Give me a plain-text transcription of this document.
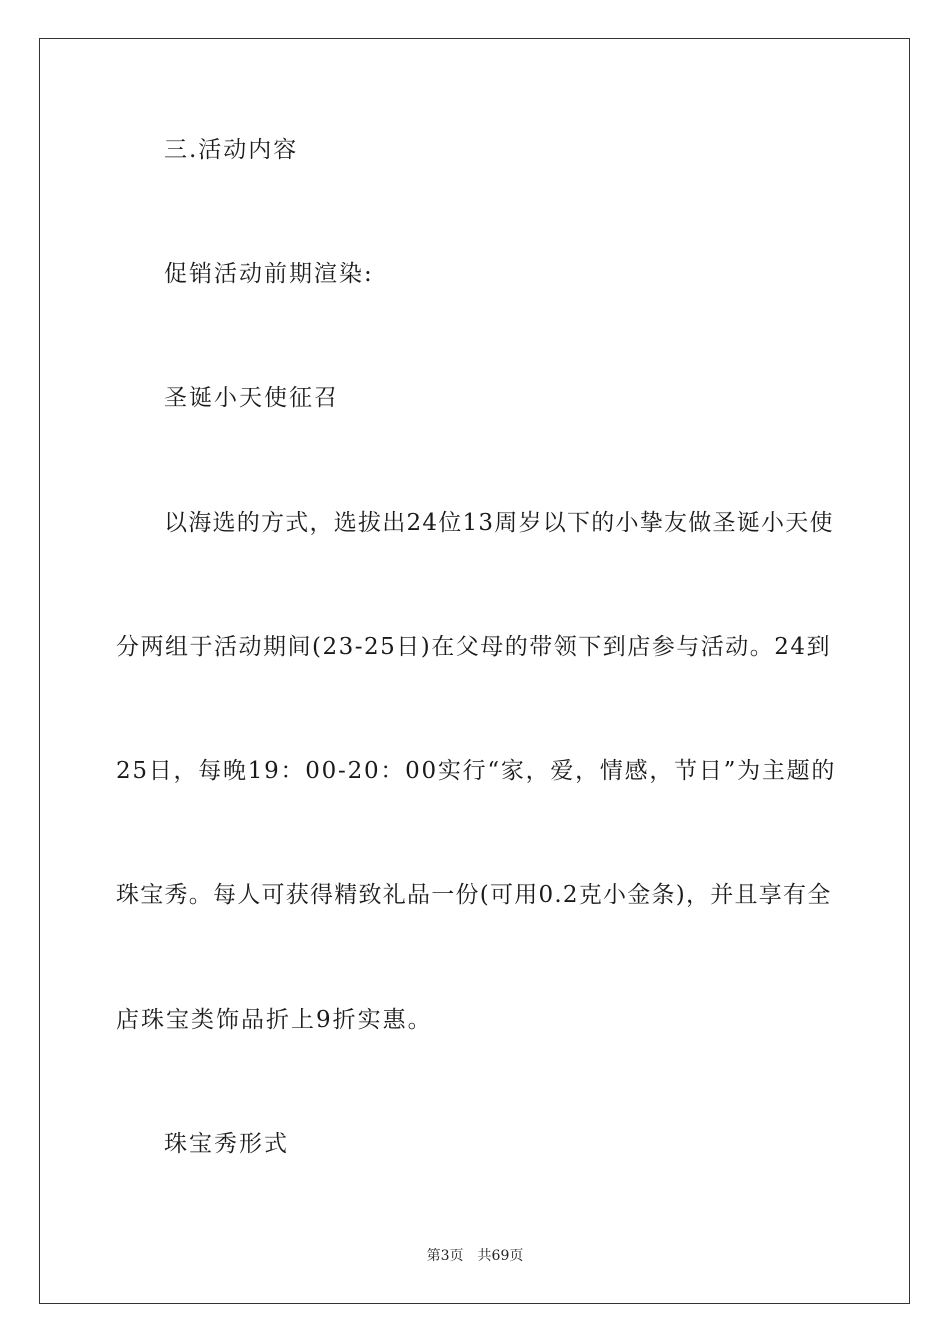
三.活动内容
促销活动前期渲染:
圣诞小天使征召
以海选的方式，选拔出24位13周岁以下的小挚友做圣诞小天使
分两组于活动期间(23-25日)在父母的带领下到店参与活动。24到
25日，每晚19：00-20：00实行“家，爱，情感，节日”为主题的
珠宝秀。每人可获得精致礼品一份(可用0.2克小金条)，并且享有全
店珠宝类饰品折上9折实惠。
珠宝秀形式
第3页 共69页
